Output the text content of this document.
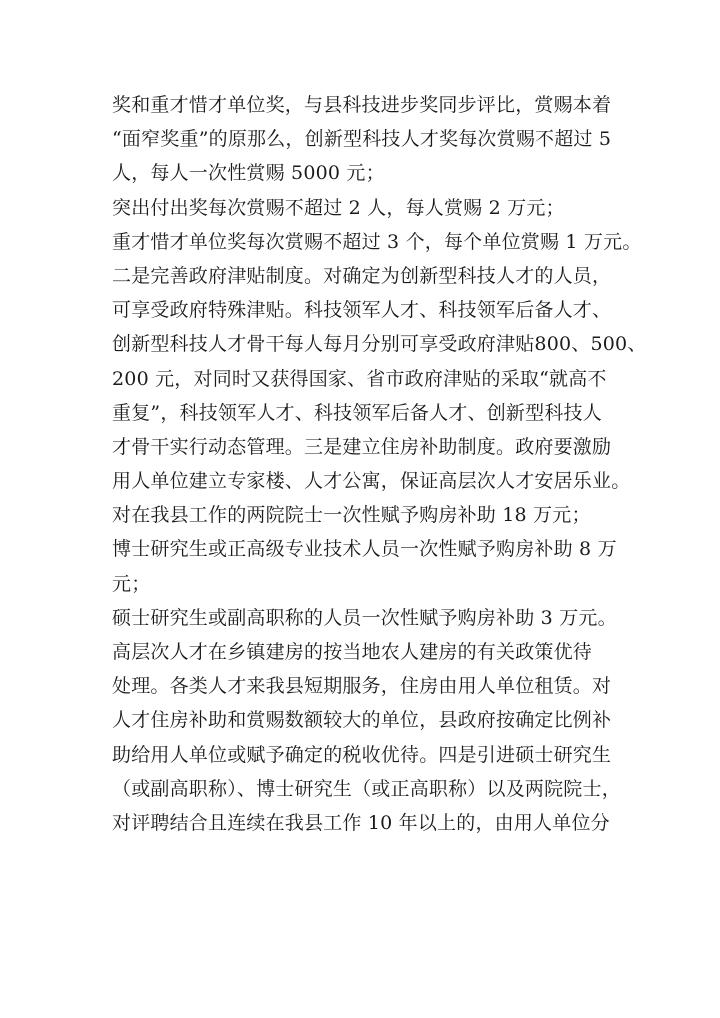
奖和重才惜才单位奖，与县科技进步奖同步评比，赏赐本着
“面窄奖重”的原那么，创新型科技人才奖每次赏赐不超过 5
人，每人一次性赏赐 5000 元；
突出付出奖每次赏赐不超过 2 人，每人赏赐 2 万元；
重才惜才单位奖每次赏赐不超过 3 个，每个单位赏赐 1 万元。
二是完善政府津贴制度。对确定为创新型科技人才的人员，
可享受政府特殊津贴。科技领军人才、科技领军后备人才、
创新型科技人才骨干每人每月分别可享受政府津贴800、500、
200 元，对同时又获得国家、省市政府津贴的采取“就高不
重复”，科技领军人才、科技领军后备人才、创新型科技人
才骨干实行动态管理。三是建立住房补助制度。政府要激励
用人单位建立专家楼、人才公寓，保证高层次人才安居乐业。
对在我县工作的两院院士一次性赋予购房补助 18 万元；
博士研究生或正高级专业技术人员一次性赋予购房补助 8 万
元；
硕士研究生或副高职称的人员一次性赋予购房补助 3 万元。
高层次人才在乡镇建房的按当地农人建房的有关政策优待
处理。各类人才来我县短期服务，住房由用人单位租赁。对
人才住房补助和赏赐数额较大的单位，县政府按确定比例补
助给用人单位或赋予确定的税收优待。四是引进硕士研究生
（或副高职称）、博士研究生（或正高职称）以及两院院士，
对评聘结合且连续在我县工作 10 年以上的，由用人单位分
